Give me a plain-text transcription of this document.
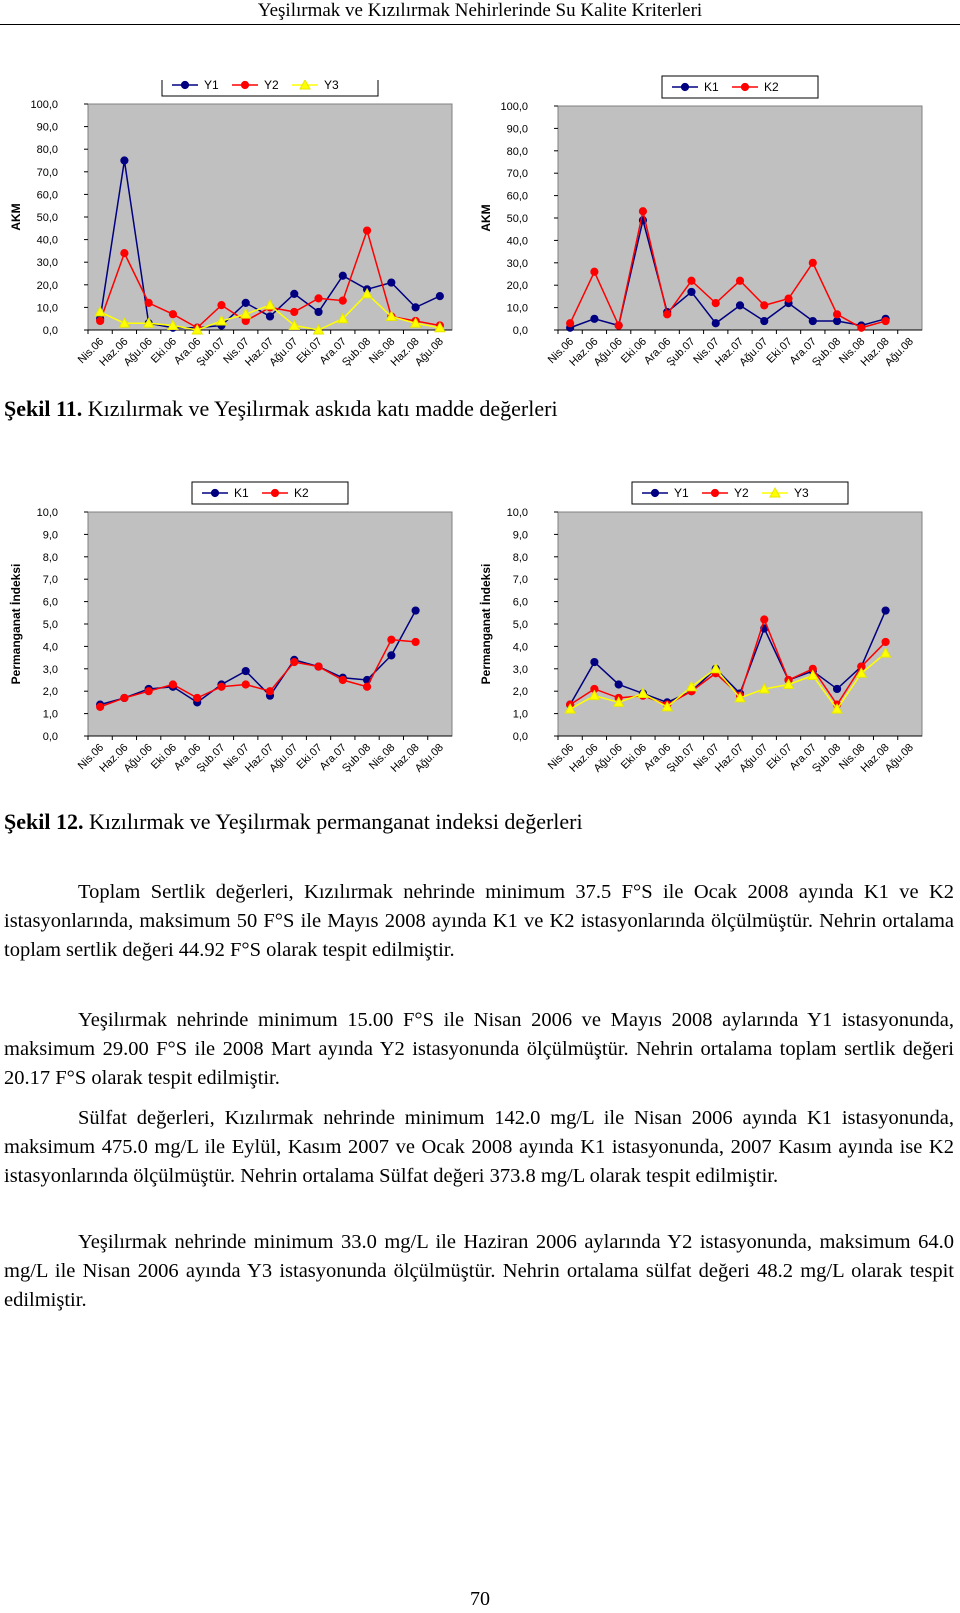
Yeşilırmak ve Kızılırmak Nehirlerinde Su Kalite Kriterleri
0,0
10,0
20,0
30,0
40,0
50,0
60,0
70,0
80,0
90,0
100,0
Nis.06
Haz.06
Ağu.06
Eki.06
Ara.06
Şub.07
Nis.07
Haz.07
Ağu.07
Eki.07
Ara.07
Şub.08
Nis.08
Haz.08
Ağu.08
AKM
Y1	Y2	Y3
0,0
10,0
20,0
30,0
40,0
50,0
60,0
70,0
80,0
90,0
100,0
Nis.06
Haz.06
Ağu.06
Eki.06
Ara.06
Şub.07
Nis.07
Haz.07
Ağu.07
Eki.07
Ara.07
Şub.08
Nis.08
Haz.08
Ağu.08
AKM
K1	K2
Şekil 11. Kızılırmak ve Yeşilırmak askıda katı madde değerleri
0,0
1,0
2,0
3,0
4,0
5,0
6,0
7,0
8,0
9,0
10,0
Nis.06
Haz.06
Ağu.06
Eki.06
Ara.06
Şub.07
Nis.07
Haz.07
Ağu.07
Eki.07
Ara.07
Şub.08
Nis.08
Haz.08
Ağu.08
Permanganat İndeksi
K1	K2
0,0
1,0
2,0
3,0
4,0
5,0
6,0
7,0
8,0
9,0
10,0
Nis.06
Haz.06
Ağu.06
Eki.06
Ara.06
Şub.07
Nis.07
Haz.07
Ağu.07
Eki.07
Ara.07
Şub.08
Nis.08
Haz.08
Ağu.08
Permanganat İndeksi
Y1	Y2	Y3
Şekil 12. Kızılırmak ve Yeşilırmak permanganat indeksi değerleri

Toplam Sertlik değerleri, Kızılırmak nehrinde minimum 37.5 F°S ile Ocak 2008 ayında K1 ve K2 istasyonlarında, maksimum 50 F°S ile Mayıs 2008 ayında K1 ve K2 istasyonlarında ölçülmüştür. Nehrin ortalama toplam sertlik değeri 44.92 F°S olarak tespit edilmiştir.

Yeşilırmak nehrinde minimum 15.00 F°S ile Nisan 2006 ve Mayıs 2008 aylarında Y1 istasyonunda, maksimum 29.00 F°S ile 2008 Mart ayında Y2 istasyonunda ölçülmüştür. Nehrin ortalama toplam sertlik değeri 20.17 F°S olarak tespit edilmiştir.

Sülfat değerleri, Kızılırmak nehrinde minimum 142.0 mg/L ile Nisan 2006 ayında K1 istasyonunda, maksimum 475.0 mg/L ile Eylül, Kasım 2007 ve Ocak 2008 ayında K1 istasyonunda, 2007 Kasım ayında ise K2 istasyonlarında ölçülmüştür. Nehrin ortalama Sülfat değeri 373.8 mg/L olarak tespit edilmiştir.

Yeşilırmak nehrinde minimum 33.0 mg/L ile Haziran 2006 aylarında Y2 istasyonunda, maksimum 64.0 mg/L ile Nisan 2006 ayında Y3 istasyonunda ölçülmüştür. Nehrin ortalama sülfat değeri 48.2 mg/L olarak tespit edilmiştir.

70
